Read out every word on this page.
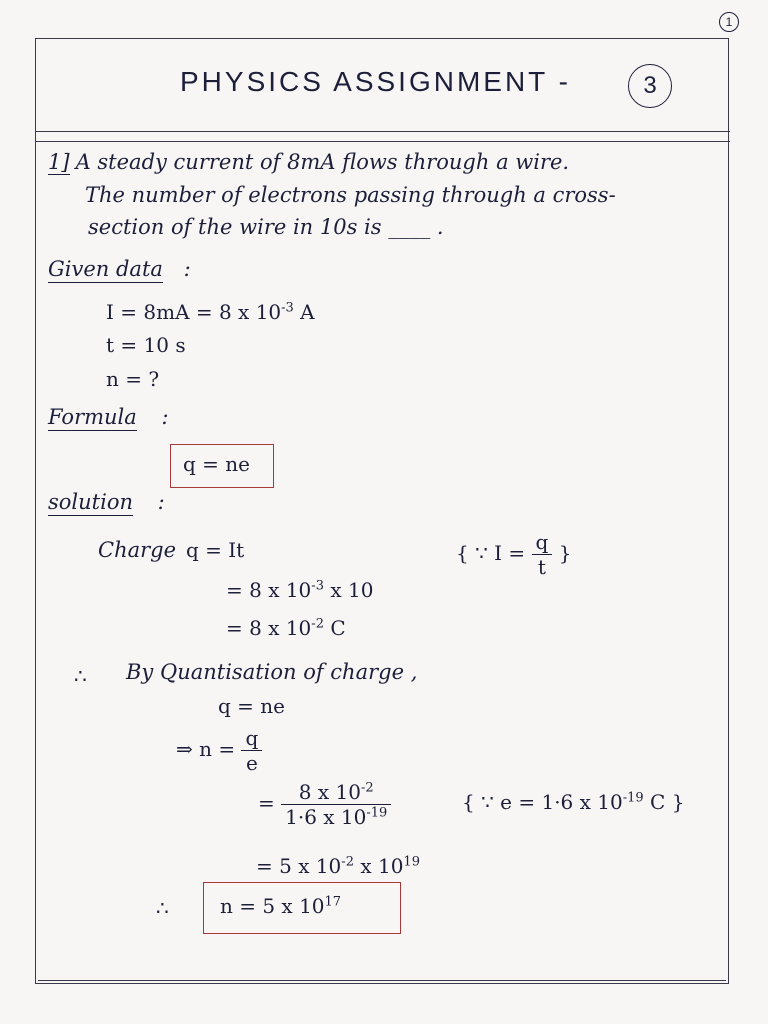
1
PHYSICS ASSIGNMENT -	3
1] A steady current of 8mA flows through a wire.
The number of electrons passing through a cross-
section of the wire in 10s is ____ .
Given data :
I = 8mA = 8 x $10^{-3}$ A
t = 10 s
n = ?
Formula :
q = ne
solution :
Charge q = It	{ ∵ $I = \frac{q}{t}$ }
= 8 x $10^{-3}$ x 10
= 8 x $10^{-2}$ C
∴ By Quantisation of charge ,
q = ne
⇒ $n = \frac{q}{e}$
= $\frac{8 x 10^{-2}}{1\cdot 6 x 10^{-19}}$	{ ∵ e = 1·6 x $10^{-19}$ C }
= 5 x $10^{-2}$ x $10^{19}$
∴	n = 5 x $10^{17}$
